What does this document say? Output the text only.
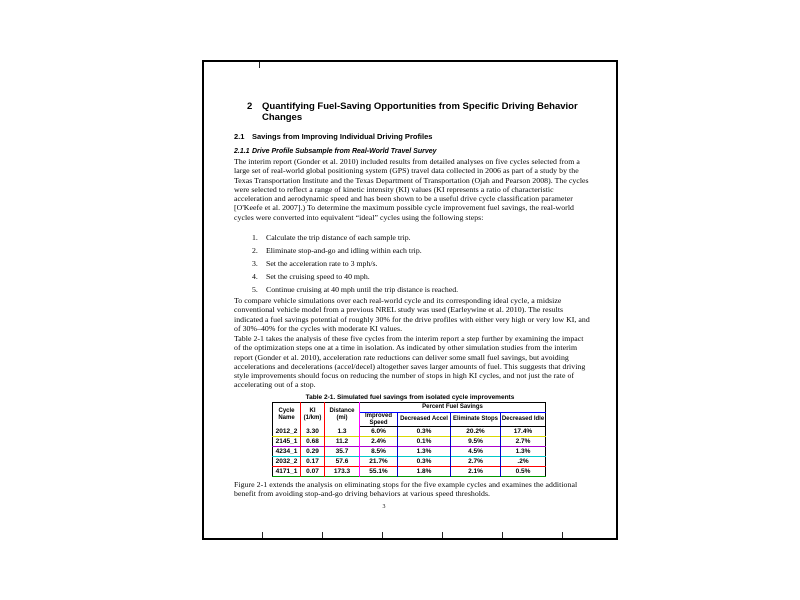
2	Quantifying Fuel-Saving Opportunities from Specific Driving Behavior Changes
2.1	Savings from Improving Individual Driving Profiles
2.1.1 Drive Profile Subsample from Real-World Travel Survey
The interim report (Gonder et al. 2010) included results from detailed analyses on five cycles selected from a large set of real-world global positioning system (GPS) travel data collected in 2006 as part of a study by the Texas Transportation Institute and the Texas Department of Transportation (Ojah and Pearson 2008). The cycles were selected to reflect a range of kinetic intensity (KI) values (KI represents a ratio of characteristic acceleration and aerodynamic speed and has been shown to be a useful drive cycle classification parameter [O'Keefe et al. 2007].) To determine the maximum possible cycle improvement fuel savings, the real-world cycles were converted into equivalent “ideal” cycles using the following steps:
1.	Calculate the trip distance of each sample trip.
2.	Eliminate stop-and-go and idling within each trip.
3.	Set the acceleration rate to 3 mph/s.
4.	Set the cruising speed to 40 mph.
5.	Continue cruising at 40 mph until the trip distance is reached.
To compare vehicle simulations over each real-world cycle and its corresponding ideal cycle, a midsize conventional vehicle model from a previous NREL study was used (Earleywine et al. 2010). The results indicated a fuel savings potential of roughly 30% for the drive profiles with either very high or very low KI, and of 30%–40% for the cycles with moderate KI values.
Table 2-1 takes the analysis of these five cycles from the interim report a step further by examining the impact of the optimization steps one at a time in isolation. As indicated by other simulation studies from the interim report (Gonder et al. 2010), acceleration rate reductions can deliver some small fuel savings, but avoiding accelerations and decelerations (accel/decel) altogether saves larger amounts of fuel. This suggests that driving style improvements should focus on reducing the number of stops in high KI cycles, and not just the rate of accelerating out of a stop.
Table 2-1. Simulated fuel savings from isolated cycle improvements
Cycle Name	KI (1/km)	Distance (mi)	Percent Fuel Savings			
			Improved Speed	Decreased Accel	Eliminate Stops	Decreased Idle
2012_2	3.30	1.3	6.0%	0.3%	20.2%	17.4%
2145_1	0.68	11.2	2.4%	0.1%	9.5%	2.7%
4234_1	0.29	35.7	8.5%	1.3%	4.5%	1.3%
2032_2	0.17	57.6	21.7%	0.3%	2.7%	.2%
4171_1	0.07	173.3	55.1%	1.8%	2.1%	0.5%
Figure 2-1 extends the analysis on eliminating stops for the five example cycles and examines the additional benefit from avoiding stop-and-go driving behaviors at various speed thresholds.
3
